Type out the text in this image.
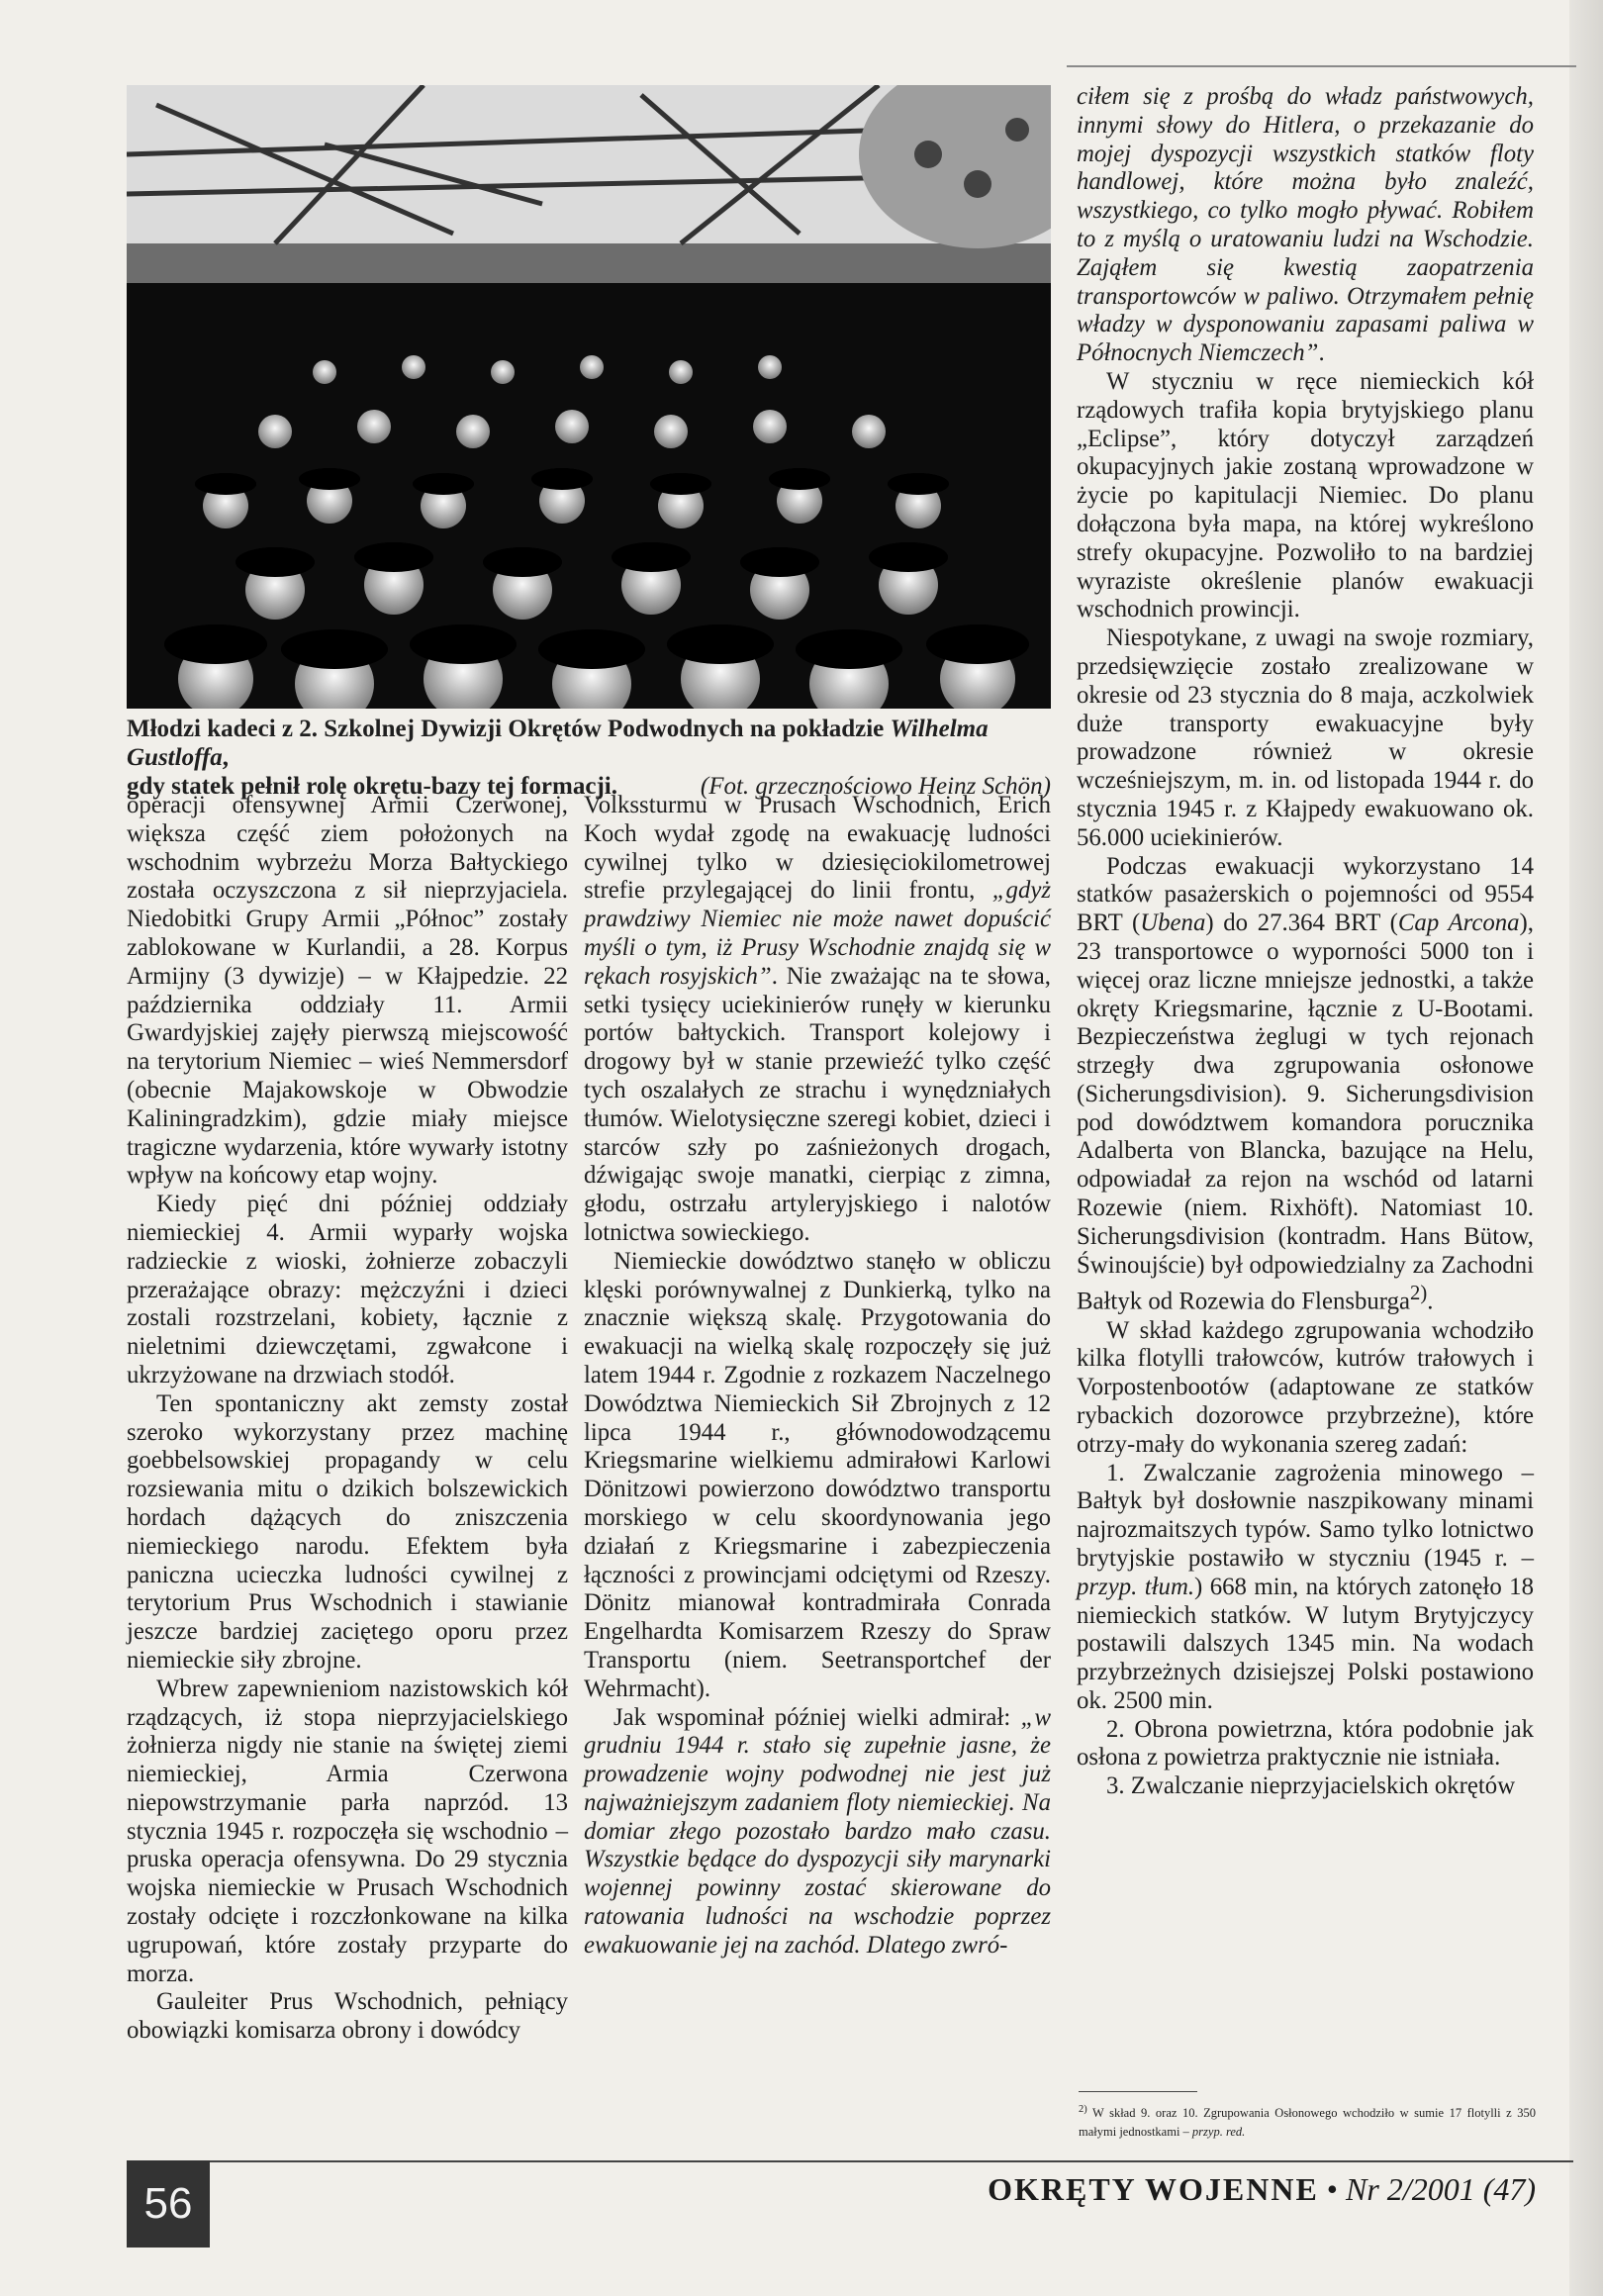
Młodzi kadeci z 2. Szkolnej Dywizji Okrętów Podwodnych na pokładzie Wilhelma Gustloffa,
gdy statek pełnił rolę okrętu-bazy tej formacji.	(Fot. grzecznościowo Heinz Schön)

operacji ofensywnej Armii Czerwonej, większa część ziem położonych na wschodnim wybrzeżu Morza Bałtyckiego została oczyszczona z sił nieprzyjaciela. Niedobitki Grupy Armii „Północ” zostały zablokowane w Kurlandii, a 28. Korpus Armijny (3 dywizje) – w Kłajpedzie. 22 października oddziały 11. Armii Gwardyjskiej zajęły pierwszą miejscowość na terytorium Niemiec – wieś Nemmersdorf (obecnie Majakowskoje w Obwodzie Kaliningradzkim), gdzie miały miejsce tragiczne wydarzenia, które wywarły istotny wpływ na końcowy etap wojny.

Kiedy pięć dni później oddziały niemieckiej 4. Armii wyparły wojska radzieckie z wioski, żołnierze zobaczyli przerażające obrazy: mężczyźni i dzieci zostali rozstrzelani, kobiety, łącznie z nieletnimi dziewczętami, zgwałcone i ukrzyżowane na drzwiach stodół.

Ten spontaniczny akt zemsty został szeroko wykorzystany przez machinę goebbelsowskiej propagandy w celu rozsiewania mitu o dzikich bolszewickich hordach dążących do zniszczenia niemieckiego narodu. Efektem była paniczna ucieczka ludności cywilnej z terytorium Prus Wschodnich i stawianie jeszcze bardziej zaciętego oporu przez niemieckie siły zbrojne.

Wbrew zapewnieniom nazistowskich kół rządzących, iż stopa nieprzyjacielskiego żołnierza nigdy nie stanie na świętej ziemi niemieckiej, Armia Czerwona niepowstrzymanie parła naprzód. 13 stycznia 1945 r. rozpoczęła się wschodnio – pruska operacja ofensywna. Do 29 stycznia wojska niemieckie w Prusach Wschodnich zostały odcięte i rozczłonkowane na kilka ugrupowań, które zostały przyparte do morza.

Gauleiter Prus Wschodnich, pełniący obowiązki komisarza obrony i dowódcy

Volkssturmu w Prusach Wschodnich, Erich Koch wydał zgodę na ewakuację ludności cywilnej tylko w dziesięciokilometrowej strefie przylegającej do linii frontu, „gdyż prawdziwy Niemiec nie może nawet dopuścić myśli o tym, iż Prusy Wschodnie znajdą się w rękach rosyjskich”. Nie zważając na te słowa, setki tysięcy uciekinierów runęły w kierunku portów bałtyckich. Transport kolejowy i drogowy był w stanie przewieźć tylko część tych oszalałych ze strachu i wynędzniałych tłumów. Wielotysięczne szeregi kobiet, dzieci i starców szły po zaśnieżonych drogach, dźwigając swoje manatki, cierpiąc z zimna, głodu, ostrzału artyleryjskiego i nalotów lotnictwa sowieckiego.

Niemieckie dowództwo stanęło w obliczu klęski porównywalnej z Dunkierką, tylko na znacznie większą skalę. Przygotowania do ewakuacji na wielką skalę rozpoczęły się już latem 1944 r. Zgodnie z rozkazem Naczelnego Dowództwa Niemieckich Sił Zbrojnych z 12 lipca 1944 r., głównodowodzącemu Kriegsmarine wielkiemu admirałowi Karlowi Dönitzowi powierzono dowództwo transportu morskiego w celu skoordynowania jego działań z Kriegsmarine i zabezpieczenia łączności z prowincjami odciętymi od Rzeszy. Dönitz mianował kontradmirała Conrada Engelhardta Komisarzem Rzeszy do Spraw Transportu (niem. Seetransportchef der Wehrmacht).

Jak wspominał później wielki admirał: „w grudniu 1944 r. stało się zupełnie jasne, że prowadzenie wojny podwodnej nie jest już najważniejszym zadaniem floty niemieckiej. Na domiar złego pozostało bardzo mało czasu. Wszystkie będące do dyspozycji siły marynarki wojennej powinny zostać skierowane do ratowania ludności na wschodzie poprzez ewakuowanie jej na zachód. Dlatego zwró-

ciłem się z prośbą do władz państwowych, innymi słowy do Hitlera, o przekazanie do mojej dyspozycji wszystkich statków floty handlowej, które można było znaleźć, wszystkiego, co tylko mogło pływać. Robiłem to z myślą o uratowaniu ludzi na Wschodzie. Zająłem się kwestią zaopatrzenia transportowców w paliwo. Otrzymałem pełnię władzy w dysponowaniu zapasami paliwa w Północnych Niemczech”.

W styczniu w ręce niemieckich kół rządowych trafiła kopia brytyjskiego planu „Eclipse”, który dotyczył zarządzeń okupacyjnych jakie zostaną wprowadzone w życie po kapitulacji Niemiec. Do planu dołączona była mapa, na której wykreślono strefy okupacyjne. Pozwoliło to na bardziej wyraziste określenie planów ewakuacji wschodnich prowincji.

Niespotykane, z uwagi na swoje rozmiary, przedsięwzięcie zostało zrealizowane w okresie od 23 stycznia do 8 maja, aczkolwiek duże transporty ewakuacyjne były prowadzone również w okresie wcześniejszym, m. in. od listopada 1944 r. do stycznia 1945 r. z Kłajpedy ewakuowano ok. 56.000 uciekinierów.

Podczas ewakuacji wykorzystano 14 statków pasażerskich o pojemności od 9554 BRT (Ubena) do 27.364 BRT (Cap Arcona), 23 transportowce o wyporności 5000 ton i więcej oraz liczne mniejsze jednostki, a także okręty Kriegsmarine, łącznie z U-Bootami. Bezpieczeństwa żeglugi w tych rejonach strzegły dwa zgrupowania osłonowe (Sicherungsdivision). 9. Sicherungsdivision pod dowództwem komandora porucznika Adalberta von Blancka, bazujące na Helu, odpowiadał za rejon na wschód od latarni Rozewie (niem. Rixhöft). Natomiast 10. Sicherungsdivision (kontradm. Hans Bütow, Świnoujście) był odpowiedzialny za Zachodni Bałtyk od Rozewia do Flensburga$^{2)}$.

W skład każdego zgrupowania wchodziło kilka flotylli trałowców, kutrów trałowych i Vorpostenbootów (adaptowane ze statków rybackich dozorowce przybrzeżne), które otrzy-mały do wykonania szereg zadań:

1. Zwalczanie zagrożenia minowego – Bałtyk był dosłownie naszpikowany minami najrozmaitszych typów. Samo tylko lotnictwo brytyjskie postawiło w styczniu (1945 r. – przyp. tłum.) 668 min, na których zatonęło 18 niemieckich statków. W lutym Brytyjczycy postawili dalszych 1345 min. Na wodach przybrzeżnych dzisiejszej Polski postawiono ok. 2500 min.

2. Obrona powietrzna, która podobnie jak osłona z powietrza praktycznie nie istniała.

3. Zwalczanie nieprzyjacielskich okrętów

$^{2)}$ W skład 9. oraz 10. Zgrupowania Osłonowego wchodziło w sumie 17 flotylli z 350 małymi jednostkami – przyp. red.
56	OKRĘTY WOJENNE • Nr 2/2001 (47)
